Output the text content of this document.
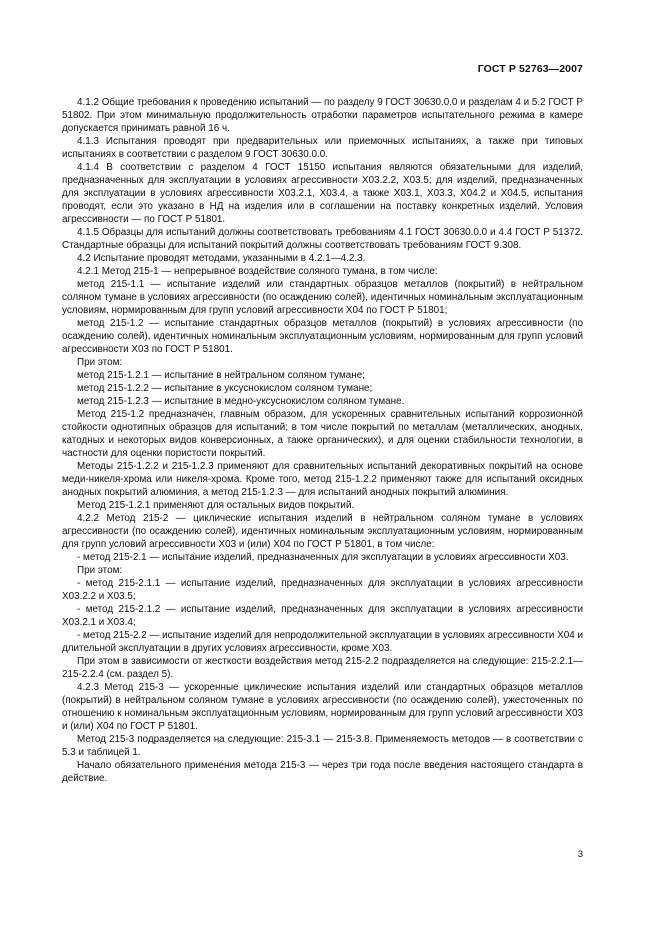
ГОСТ Р 52763—2007

4.1.2 Общие требования к проведению испытаний — по разделу 9 ГОСТ 30630.0.0 и разделам 4 и 5.2 ГОСТ Р 51802. При этом минимальную продолжительность отработки параметров испытательного режима в камере допускается принимать равной 16 ч.

4.1.3 Испытания проводят при предварительных или приемочных испытаниях, а также при типовых испытаниях в соответствии с разделом 9 ГОСТ 30630.0.0.

4.1.4 В соответствии с разделом 4 ГОСТ 15150 испытания являются обязательными для изделий, предназначенных для эксплуатации в условиях агрессивности Х03.2.2, Х03.5; для изделий, предназначенных для эксплуатации в условиях агрессивности Х03.2.1, Х03.4, а также Х03.1, Х03.3, Х04.2 и Х04.5, испытания проводят, если это указано в НД на изделия или в соглашении на поставку конкретных изделий. Условия агрессивности — по ГОСТ Р 51801.

4.1.5 Образцы для испытаний должны соответствовать требованиям 4.1 ГОСТ 30630.0.0 и 4.4 ГОСТ Р 51372. Стандартные образцы для испытаний покрытий должны соответствовать требованиям ГОСТ 9.308.

4.2 Испытание проводят методами, указанными в 4.2.1—4.2.3.

4.2.1 Метод 215-1 — непрерывное воздействие соляного тумана, в том числе:

метод 215-1.1 — испытание изделий или стандартных образцов металлов (покрытий) в нейтральном соляном тумане в условиях агрессивности (по осаждению солей), идентичных номинальным эксплуатационным условиям, нормированным для групп условий агрессивности Х04 по ГОСТ Р 51801;

метод 215-1.2 — испытание стандартных образцов металлов (покрытий) в условиях агрессивности (по осаждению солей), идентичных номинальным эксплуатационным условиям, нормированным для групп условий агрессивности Х03 по ГОСТ Р 51801.

При этом:

метод 215-1.2.1 — испытание в нейтральном соляном тумане;

метод 215-1.2.2 — испытание в уксуснокислом соляном тумане;

метод 215-1.2.3 — испытание в медно-уксуснокислом соляном тумане.

Метод 215-1.2 предназначен, главным образом, для ускоренных сравнительных испытаний коррозионной стойкости однотипных образцов для испытаний; в том числе покрытий по металлам (металлических, анодных, катодных и некоторых видов конверсионных, а также органических), и для оценки стабильности технологии, в частности для оценки пористости покрытий.

Методы 215-1.2.2 и 215-1.2.3 применяют для сравнительных испытаний декоративных покрытий на основе меди-никеля-хрома или никеля-хрома. Кроме того, метод 215-1.2.2 применяют также для испытаний оксидных анодных покрытий алюминия, а метод 215-1.2.3 — для испытаний анодных покрытий алюминия.

Метод 215-1.2.1 применяют для остальных видов покрытий.

4.2.2 Метод 215-2 — циклические испытания изделий в нейтральном соляном тумане в условиях агрессивности (по осаждению солей), идентичных номинальным эксплуатационным условиям, нормированным для групп условий агрессивности Х03 и (или) Х04 по ГОСТ Р 51801, в том числе:

- метод 215-2.1 — испытание изделий, предназначенных для эксплуатации в условиях агрессивности Х03.

При этом:

- метод 215-2.1.1 — испытание изделий, предназначенных для эксплуатации в условиях агрессивности Х03.2.2 и Х03.5;

- метод 215-2.1.2 — испытание изделий, предназначенных для эксплуатации в условиях агрессивности Х03.2.1 и Х03.4;

- метод 215-2.2 — испытание изделий для непродолжительной эксплуатации в условиях агрессивности Х04 и длительной эксплуатации в других условиях агрессивности, кроме Х03.

При этом в зависимости от жесткости воздействия метод 215-2.2 подразделяется на следующие: 215-2.2.1—215-2.2.4 (см. раздел 5).

4.2.3 Метод 215-3 — ускоренные циклические испытания изделий или стандартных образцов металлов (покрытий) в нейтральном соляном тумане в условиях агрессивности (по осаждению солей), ужесточенных по отношению к номинальным эксплуатационным условиям, нормированным для групп условий агрессивности Х03 и (или) Х04 по ГОСТ Р 51801.

Метод 215-3 подразделяется на следующие: 215-3.1 — 215-3.8. Применяемость методов — в соответствии с 5.3 и таблицей 1.

Начало обязательного применения метода 215-3 — через три года после введения настоящего стандарта в действие.

3
